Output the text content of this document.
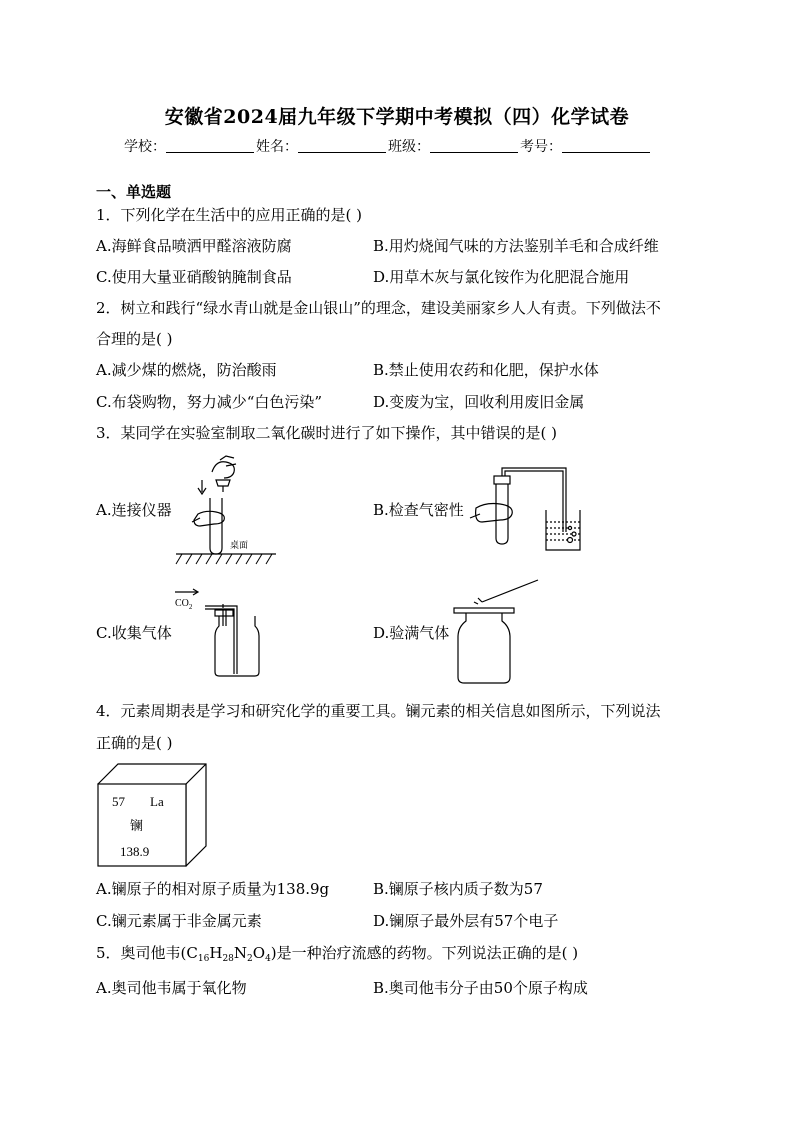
安徽省2024届九年级下学期中考模拟（四）化学试卷
学校：	姓名：	班级：	考号：
一、单选题
1．下列化学在生活中的应用正确的是( )
A.海鲜食品喷洒甲醛溶液防腐	B.用灼烧闻气味的方法鉴别羊毛和合成纤维
C.使用大量亚硝酸钠腌制食品	D.用草木灰与氯化铵作为化肥混合施用
2．树立和践行“绿水青山就是金山银山”的理念，建设美丽家乡人人有责。下列做法不
合理的是( )
A.减少煤的燃烧，防治酸雨	B.禁止使用农药和化肥，保护水体
C.布袋购物，努力减少“白色污染”	D.变废为宝，回收利用废旧金属
3．某同学在实验室制取二氧化碳时进行了如下操作，其中错误的是( )
A.连接仪器	B.检查气密性
C.收集气体	D.验满气体
桌面
$CO_2$
4．元素周期表是学习和研究化学的重要工具。镧元素的相关信息如图所示，下列说法
正确的是( )
57 La
镧
138.9
A.镧原子的相对原子质量为138.9g	B.镧原子核内质子数为57
C.镧元素属于非金属元素	D.镧原子最外层有57个电子
5．奥司他韦$(C_{16}H_{28}N_2O_4)$是一种治疗流感的药物。下列说法正确的是( )
A.奥司他韦属于氧化物	B.奥司他韦分子由50个原子构成
